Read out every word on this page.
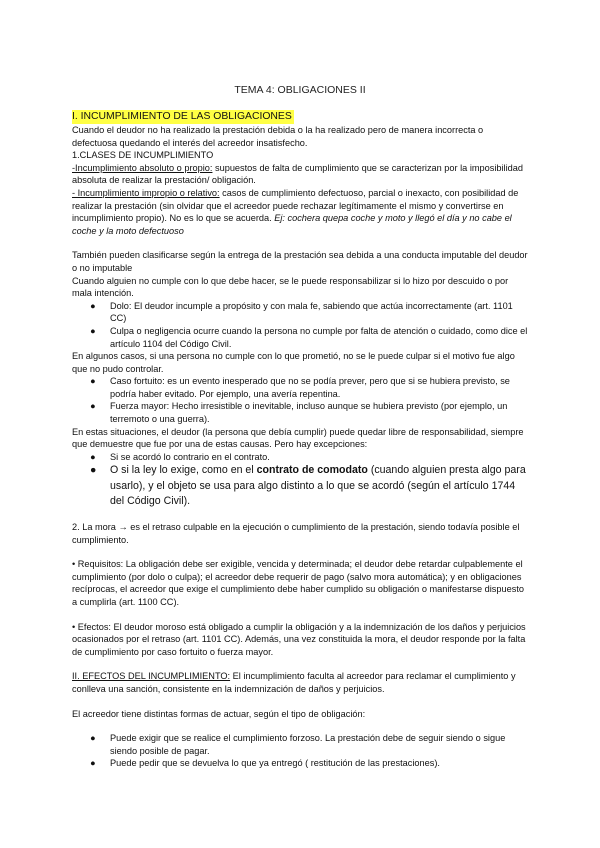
TEMA 4: OBLIGACIONES II
I. INCUMPLIMIENTO DE LAS OBLIGACIONES

Cuando el deudor no ha realizado la prestación debida o la ha realizado pero de manera incorrecta o defectuosa quedando el interés del acreedor insatisfecho.

1.CLASES DE INCUMPLIMIENTO

-Incumplimiento absoluto o propio: supuestos de falta de cumplimiento que se caracterizan por la imposibilidad absoluta de realizar la prestación/ obligación.

- Incumplimiento impropio o relativo: casos de cumplimiento defectuoso, parcial o inexacto, con posibilidad de realizar la prestación (sin olvidar que el acreedor puede rechazar legítimamente el mismo y convertirse en incumplimiento propio). No es lo que se acuerda. Ej: cochera quepa coche y moto y llegó el día y no cabe el coche y la moto defectuoso

También pueden clasificarse según la entrega de la prestación sea debida a una conducta imputable del deudor o no imputable

Cuando alguien no cumple con lo que debe hacer, se le puede responsabilizar si lo hizo por descuido o por mala intención.

● Dolo: El deudor incumple a propósito y con mala fe, sabiendo que actúa incorrectamente (art. 1101 CC)
● Culpa o negligencia ocurre cuando la persona no cumple por falta de atención o cuidado, como dice el artículo 1104 del Código Civil.

En algunos casos, si una persona no cumple con lo que prometió, no se le puede culpar si el motivo fue algo que no pudo controlar.

● Caso fortuito: es un evento inesperado que no se podía prever, pero que si se hubiera previsto, se podría haber evitado. Por ejemplo, una avería repentina.
● Fuerza mayor: Hecho irresistible o inevitable, incluso aunque se hubiera previsto (por ejemplo, un terremoto o una guerra).

En estas situaciones, el deudor (la persona que debía cumplir) puede quedar libre de responsabilidad, siempre que demuestre que fue por una de estas causas. Pero hay excepciones:

● Si se acordó lo contrario en el contrato.
● O si la ley lo exige, como en el contrato de comodato (cuando alguien presta algo para usarlo), y el objeto se usa para algo distinto a lo que se acordó (según el artículo 1744 del Código Civil).

2. La mora → es el retraso culpable en la ejecución o cumplimiento de la prestación, siendo todavía posible el cumplimiento.

• Requisitos: La obligación debe ser exigible, vencida y determinada; el deudor debe retardar culpablemente el cumplimiento (por dolo o culpa); el acreedor debe requerir de pago (salvo mora automática); y en obligaciones recíprocas, el acreedor que exige el cumplimiento debe haber cumplido su obligación o manifestarse dispuesto a cumplirla (art. 1100 CC).

• Efectos: El deudor moroso está obligado a cumplir la obligación y a la indemnización de los daños y perjuicios ocasionados por el retraso (art. 1101 CC). Además, una vez constituida la mora, el deudor responde por la falta de cumplimiento por caso fortuito o fuerza mayor.

II. EFECTOS DEL INCUMPLIMIENTO: El incumplimiento faculta al acreedor para reclamar el cumplimiento y conlleva una sanción, consistente en la indemnización de daños y perjuicios.

El acreedor tiene distintas formas de actuar, según el tipo de obligación:

● Puede exigir que se realice el cumplimiento forzoso. La prestación debe de seguir siendo o sigue siendo posible de pagar.
● Puede pedir que se devuelva lo que ya entregó ( restitución de las prestaciones).
